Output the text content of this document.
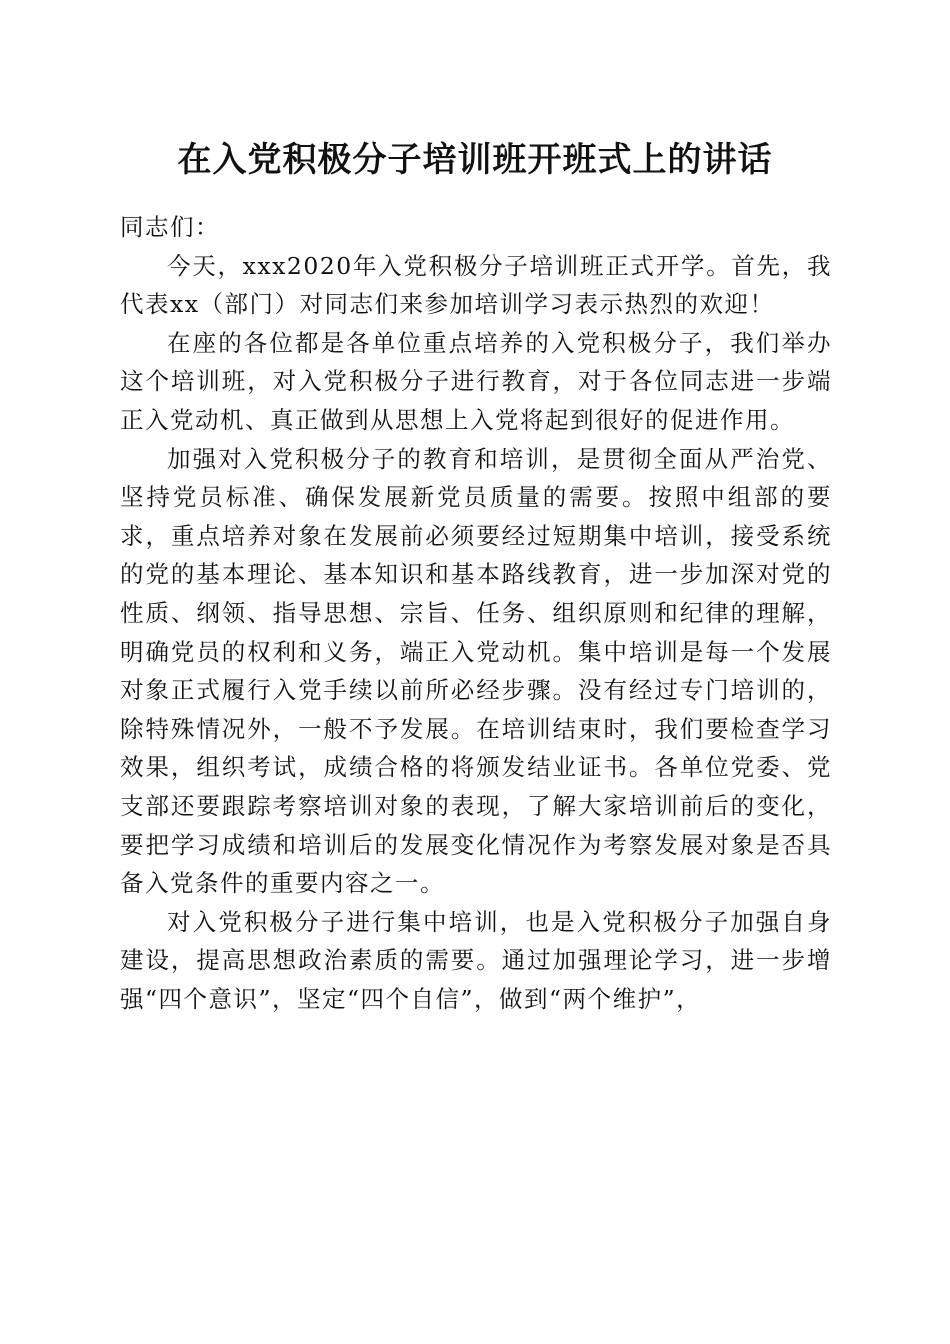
在入党积极分子培训班开班式上的讲话

同志们：

今天，xxx2020年入党积极分子培训班正式开学。首先，我代表xx（部门）对同志们来参加培训学习表示热烈的欢迎！

在座的各位都是各单位重点培养的入党积极分子，我们举办这个培训班，对入党积极分子进行教育，对于各位同志进一步端正入党动机、真正做到从思想上入党将起到很好的促进作用。

加强对入党积极分子的教育和培训，是贯彻全面从严治党、坚持党员标准、确保发展新党员质量的需要。按照中组部的要求，重点培养对象在发展前必须要经过短期集中培训，接受系统的党的基本理论、基本知识和基本路线教育，进一步加深对党的性质、纲领、指导思想、宗旨、任务、组织原则和纪律的理解，明确党员的权利和义务，端正入党动机。集中培训是每一个发展对象正式履行入党手续以前所必经步骤。没有经过专门培训的，除特殊情况外，一般不予发展。在培训结束时，我们要检查学习效果，组织考试，成绩合格的将颁发结业证书。各单位党委、党支部还要跟踪考察培训对象的表现，了解大家培训前后的变化，要把学习成绩和培训后的发展变化情况作为考察发展对象是否具备入党条件的重要内容之一。

对入党积极分子进行集中培训，也是入党积极分子加强自身建设，提高思想政治素质的需要。通过加强理论学习，进一步增强“四个意识”，坚定“四个自信”，做到“两个维护”，
